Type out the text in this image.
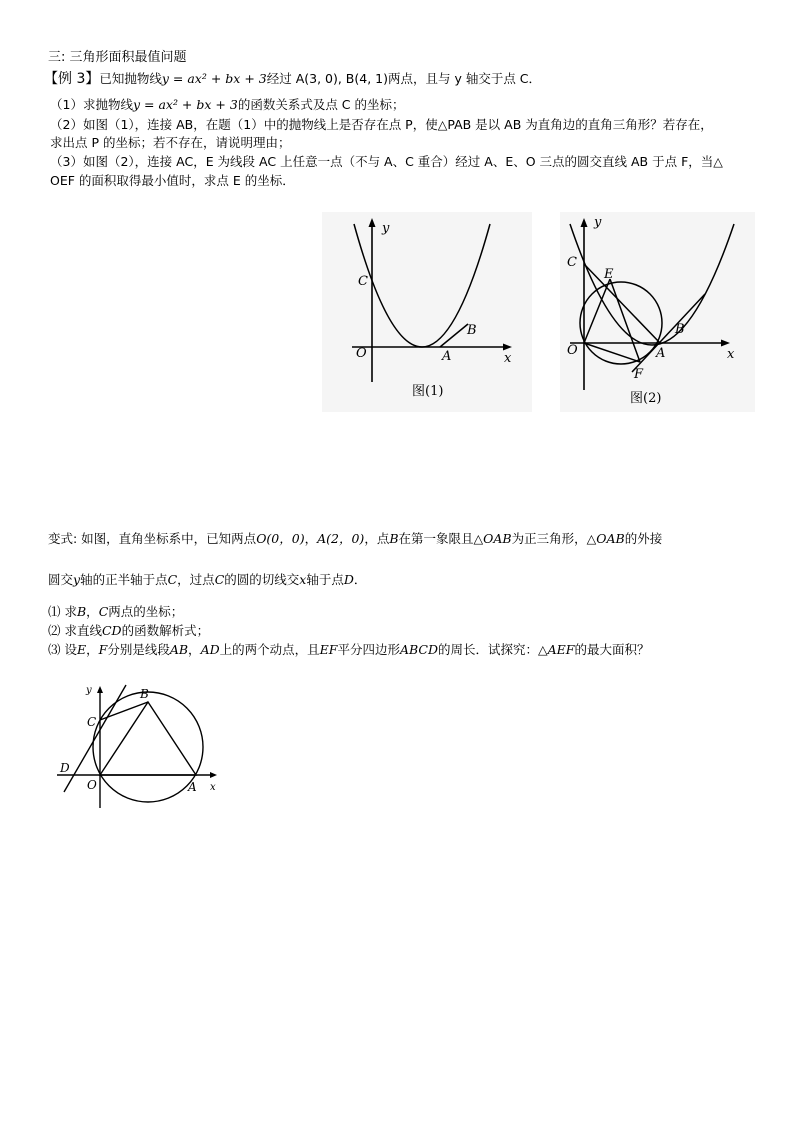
三: 三角形面积最值问题
【例 3】已知抛物线y = ax² + bx + 3经过 A(3, 0), B(4, 1)两点，且与 y 轴交于点 C．
（1）求抛物线y = ax² + bx + 3的函数关系式及点 C 的坐标；
（2）如图（1），连接 AB，在题（1）中的抛物线上是否存在点 P，使△PAB 是以 AB 为直角边的直角三角形？若存在，
求出点 P 的坐标；若不存在，请说明理由；
（3）如图（2），连接 AC，E 为线段 AC 上任意一点（不与 A、C 重合）经过 A、E、O 三点的圆交直线 AB 于点 F，当△
OEF 的面积取得最小值时，求点 E 的坐标．
y
x
O
C
A
B
图(1)
y
x
O
C
E
A
B
F
图(2)
变式: 如图，直角坐标系中，已知两点O(0，0)，A(2，0)，点B在第一象限且△OAB为正三角形，△OAB的外接
圆交y轴的正半轴于点C，过点C的圆的切线交x轴于点D．
⑴ 求B，C两点的坐标；
⑵ 求直线CD的函数解析式；
⑶ 设E，F分别是线段AB，AD上的两个动点，且EF平分四边形ABCD的周长．试探究：△AEF的最大面积？
y
x
O	A
B
C
D
